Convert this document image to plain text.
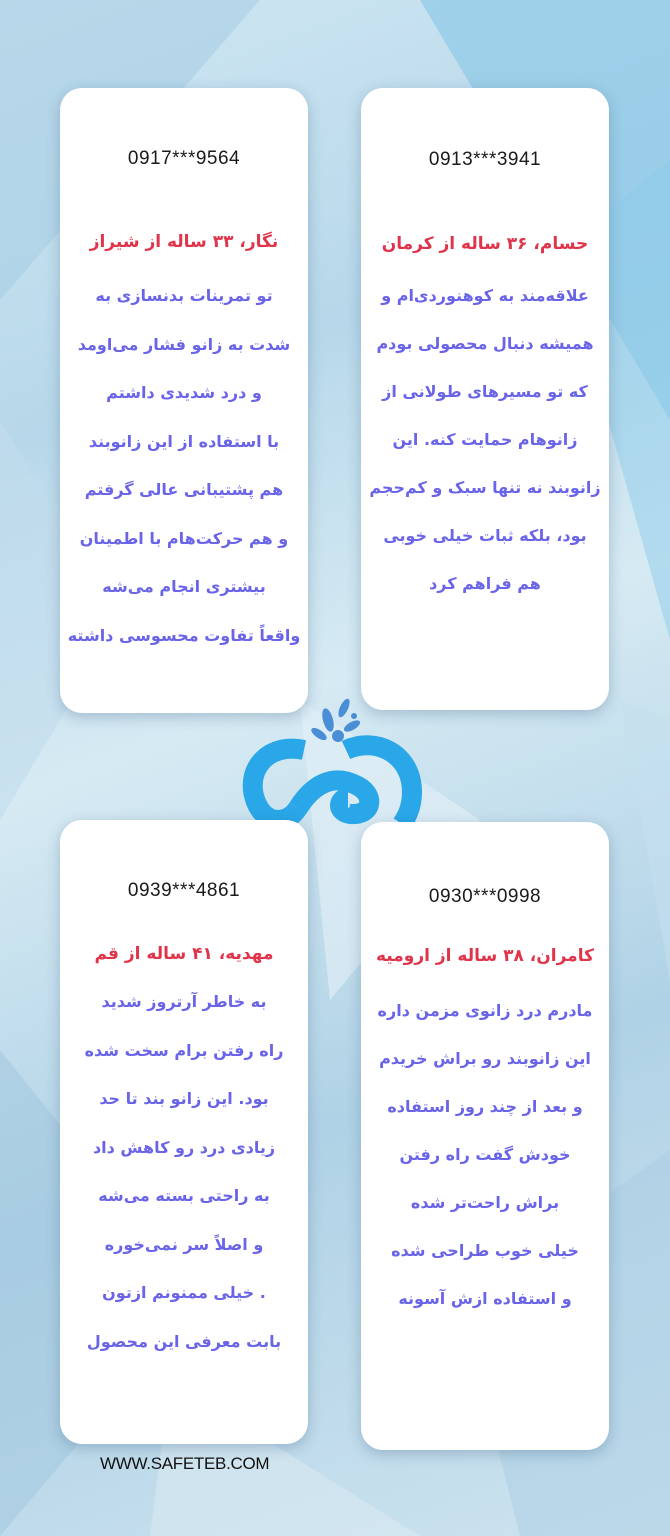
0913***3941
حسام، ۳۶ ساله از کرمان
علاقه‌مند به کوهنوردی‌ام و
همیشه دنبال محصولی بودم
که تو مسیرهای طولانی از
زانوهام حمایت کنه. این
زانوبند نه تنها سبک و کم‌حجم
بود، بلکه ثبات خیلی خوبی
هم فراهم کرد
0917***9564
نگار، ۳۳ ساله از شیراز
تو تمرینات بدنسازی به
شدت به زانو فشار می‌اومد
و درد شدیدی داشتم
با استفاده از این زانوبند
هم پشتیبانی عالی گرفتم
و هم حرکت‌هام با اطمینان
بیشتری انجام می‌شه
واقعاً تفاوت محسوسی داشته
0930***0998
کامران، ۳۸ ساله از ارومیه
مادرم درد زانوی مزمن داره
این زانوبند رو براش خریدم
و بعد از چند روز استفاده
خودش گفت راه رفتن
براش راحت‌تر شده
خیلی خوب طراحی شده
و استفاده ازش آسونه
0939***4861
مهدیه، ۴۱ ساله از قم
به خاطر آرتروز شدید
راه رفتن برام سخت شده
بود. این زانو بند تا حد
زیادی درد رو کاهش داد
به راحتی بسته می‌شه
و اصلاً سر نمی‌خوره
. خیلی ممنونم ازتون
بابت معرفی این محصول
WWW.SAFETEB.COM
